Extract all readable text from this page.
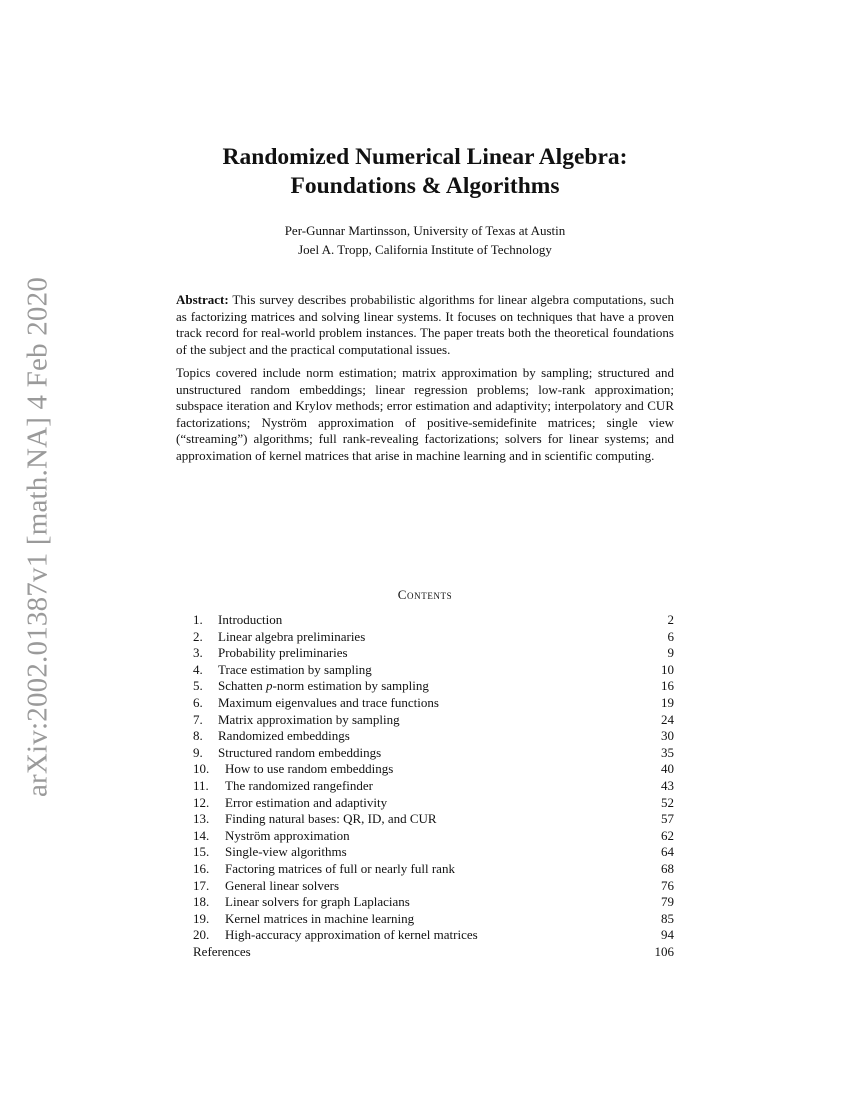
arXiv:2002.01387v1 [math.NA] 4 Feb 2020
Randomized Numerical Linear Algebra:
Foundations & Algorithms
Per-Gunnar Martinsson, University of Texas at Austin
Joel A. Tropp, California Institute of Technology

Abstract: This survey describes probabilistic algorithms for linear algebra computations, such as factorizing matrices and solving linear systems. It focuses on techniques that have a proven track record for real-world problem instances. The paper treats both the theoretical foundations of the subject and the practical computational issues.

Topics covered include norm estimation; matrix approximation by sampling; structured and unstructured random embeddings; linear regression problems; low-rank approximation; subspace iteration and Krylov methods; error estimation and adaptivity; interpolatory and CUR factorizations; Nyström approximation of positive-semidefinite matrices; single view (“streaming”) algorithms; full rank-revealing factorizations; solvers for linear systems; and approximation of kernel matrices that arise in machine learning and in scientific computing.

Contents
1.	Introduction	2
2.	Linear algebra preliminaries	6
3.	Probability preliminaries	9
4.	Trace estimation by sampling	10
5.	Schatten p-norm estimation by sampling	16
6.	Maximum eigenvalues and trace functions	19
7.	Matrix approximation by sampling	24
8.	Randomized embeddings	30
9.	Structured random embeddings	35
10.	How to use random embeddings	40
11.	The randomized rangefinder	43
12.	Error estimation and adaptivity	52
13.	Finding natural bases: QR, ID, and CUR	57
14.	Nyström approximation	62
15.	Single-view algorithms	64
16.	Factoring matrices of full or nearly full rank	68
17.	General linear solvers	76
18.	Linear solvers for graph Laplacians	79
19.	Kernel matrices in machine learning	85
20.	High-accuracy approximation of kernel matrices	94
References	106
